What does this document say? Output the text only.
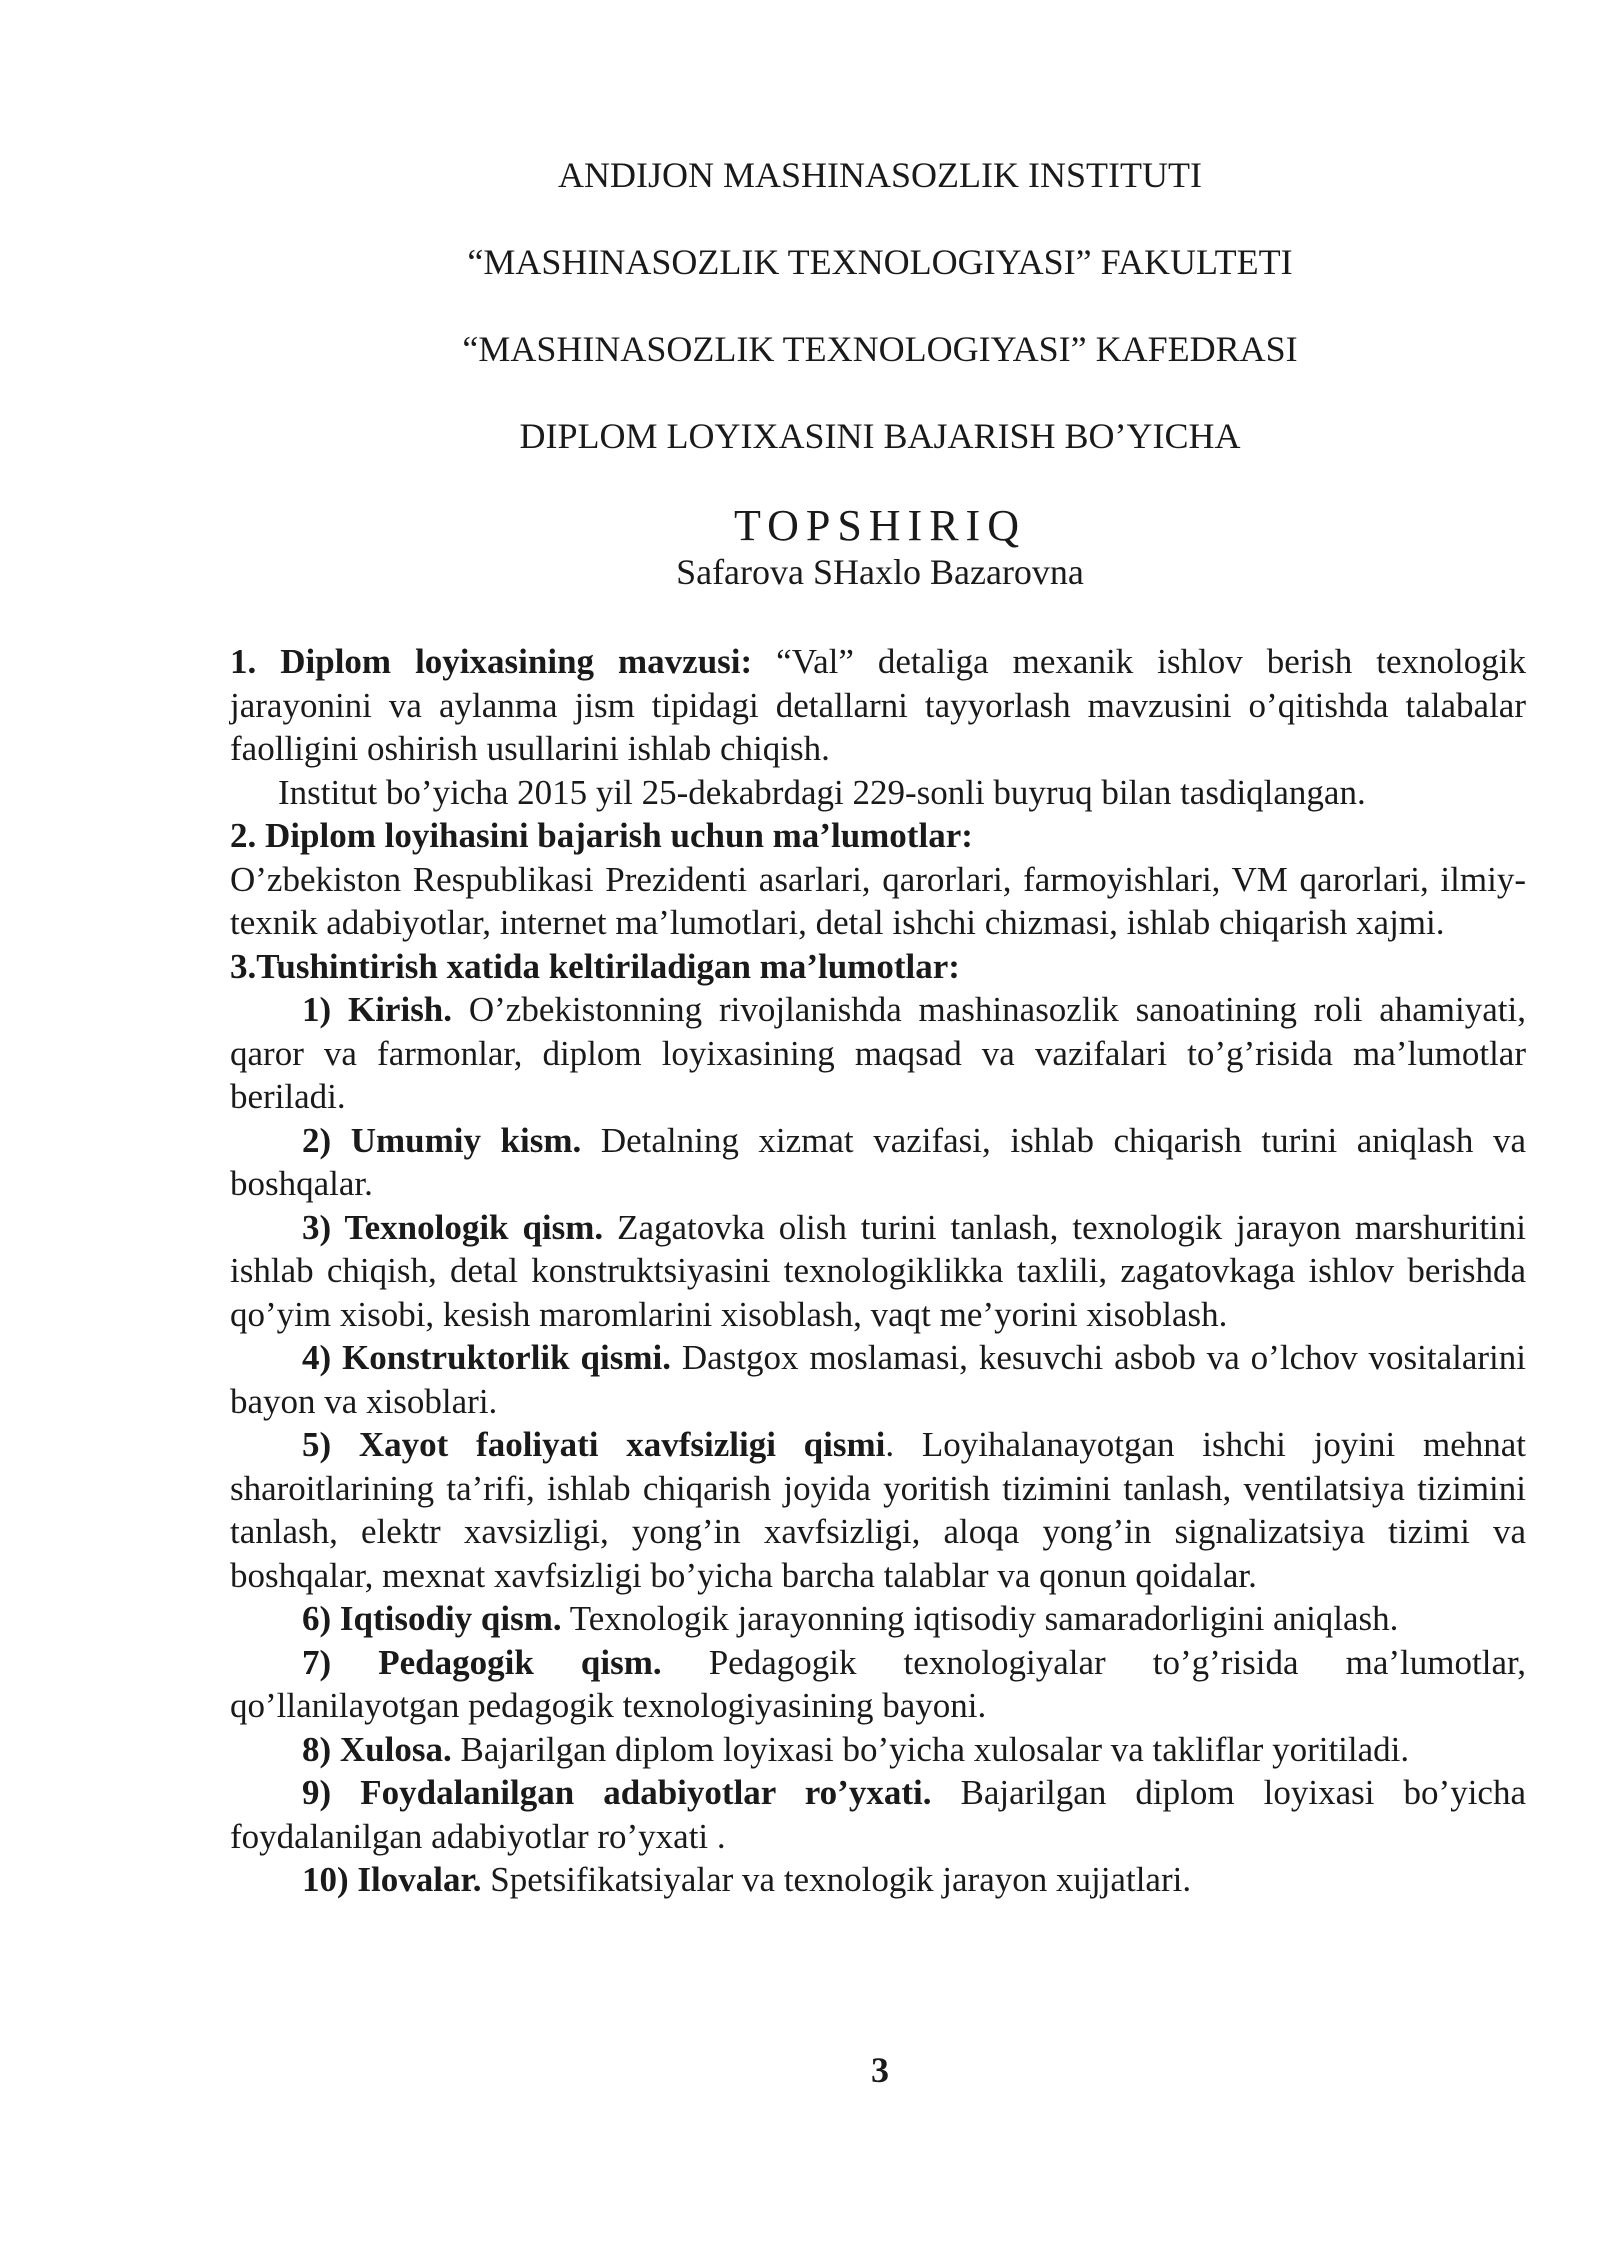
ANDIJON MASHINASOZLIK INSTITUTI
“MASHINASOZLIK TEXNOLOGIYASI” FAKULTETI
“MASHINASOZLIK TEXNOLOGIYASI” KAFEDRASI
DIPLOM LOYIXASINI BAJARISH BO’YICHA
TOPSHIRIQ
Safarova SHaxlo Bazarovna

1. Diplom loyixasining mavzusi: “Val” detaliga mexanik ishlov berish texnologik jarayonini va aylanma jism tipidagi detallarni tayyorlash mavzusini o’qitishda talabalar faolligini oshirish usullarini ishlab chiqish.

Institut bo’yicha 2015 yil 25-dekabrdagi 229-sonli buyruq bilan tasdiqlangan.

2. Diplom loyihasini bajarish uchun ma’lumotlar:

O’zbekiston Respublikasi Prezidenti asarlari, qarorlari, farmoyishlari, VM qarorlari, ilmiy-texnik adabiyotlar, internet ma’lumotlari, detal ishchi chizmasi, ishlab chiqarish xajmi.

3.Tushintirish xatida keltiriladigan ma’lumotlar:

1) Kirish. O’zbekistonning rivojlanishda mashinasozlik sanoatining roli ahamiyati, qaror va farmonlar, diplom loyixasining maqsad va vazifalari to’g’risida ma’lumotlar beriladi.

2) Umumiy kism. Detalning xizmat vazifasi, ishlab chiqarish turini aniqlash va boshqalar.

3) Texnologik qism. Zagatovka olish turini tanlash, texnologik jarayon marshuritini ishlab chiqish, detal konstruktsiyasini texnologiklikka taxlili, zagatovkaga ishlov berishda qo’yim xisobi, kesish maromlarini xisoblash, vaqt me’yorini xisoblash.

4) Konstruktorlik qismi. Dastgox moslamasi, kesuvchi asbob va o’lchov vositalarini bayon va xisoblari.

5) Xayot faoliyati xavfsizligi qismi. Loyihalanayotgan ishchi joyini mehnat sharoitlarining ta’rifi, ishlab chiqarish joyida yoritish tizimini tanlash, ventilatsiya tizimini tanlash, elektr xavsizligi, yong’in xavfsizligi, aloqa yong’in signalizatsiya tizimi va boshqalar, mexnat xavfsizligi bo’yicha barcha talablar va qonun qoidalar.

6) Iqtisodiy qism. Texnologik jarayonning iqtisodiy samaradorligini aniqlash.

7) Pedagogik qism. Pedagogik texnologiyalar to’g’risida ma’lumotlar, qo’llanilayotgan pedagogik texnologiyasining bayoni.

8) Xulosa. Bajarilgan diplom loyixasi bo’yicha xulosalar va takliflar yoritiladi.

9) Foydalanilgan adabiyotlar ro’yxati. Bajarilgan diplom loyixasi bo’yicha foydalanilgan adabiyotlar ro’yxati .

10) Ilovalar. Spetsifikatsiyalar va texnologik jarayon xujjatlari.

3
